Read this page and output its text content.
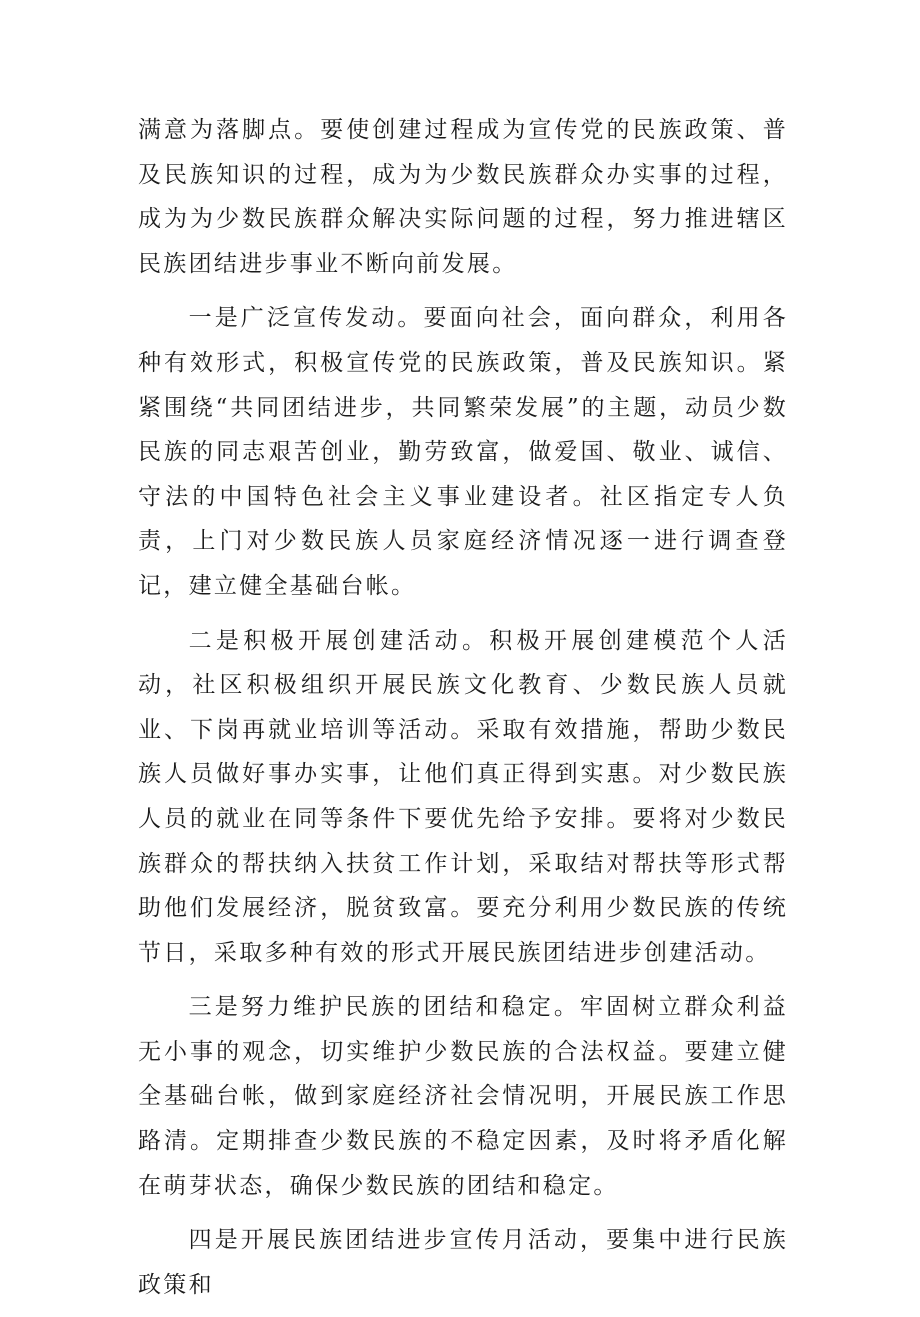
满意为落脚点。要使创建过程成为宣传党的民族政策、普及民族知识的过程，成为为少数民族群众办实事的过程，成为为少数民族群众解决实际问题的过程，努力推进辖区民族团结进步事业不断向前发展。

一是广泛宣传发动。要面向社会，面向群众，利用各种有效形式，积极宣传党的民族政策，普及民族知识。紧紧围绕“共同团结进步，共同繁荣发展”的主题，动员少数民族的同志艰苦创业，勤劳致富，做爱国、敬业、诚信、守法的中国特色社会主义事业建设者。社区指定专人负责，上门对少数民族人员家庭经济情况逐一进行调查登记，建立健全基础台帐。

二是积极开展创建活动。积极开展创建模范个人活动，社区积极组织开展民族文化教育、少数民族人员就业、下岗再就业培训等活动。采取有效措施，帮助少数民族人员做好事办实事，让他们真正得到实惠。对少数民族人员的就业在同等条件下要优先给予安排。要将对少数民族群众的帮扶纳入扶贫工作计划，采取结对帮扶等形式帮助他们发展经济，脱贫致富。要充分利用少数民族的传统节日，采取多种有效的形式开展民族团结进步创建活动。

三是努力维护民族的团结和稳定。牢固树立群众利益无小事的观念，切实维护少数民族的合法权益。要建立健全基础台帐，做到家庭经济社会情况明，开展民族工作思路清。定期排查少数民族的不稳定因素，及时将矛盾化解在萌芽状态，确保少数民族的团结和稳定。

四是开展民族团结进步宣传月活动，要集中进行民族政策和
